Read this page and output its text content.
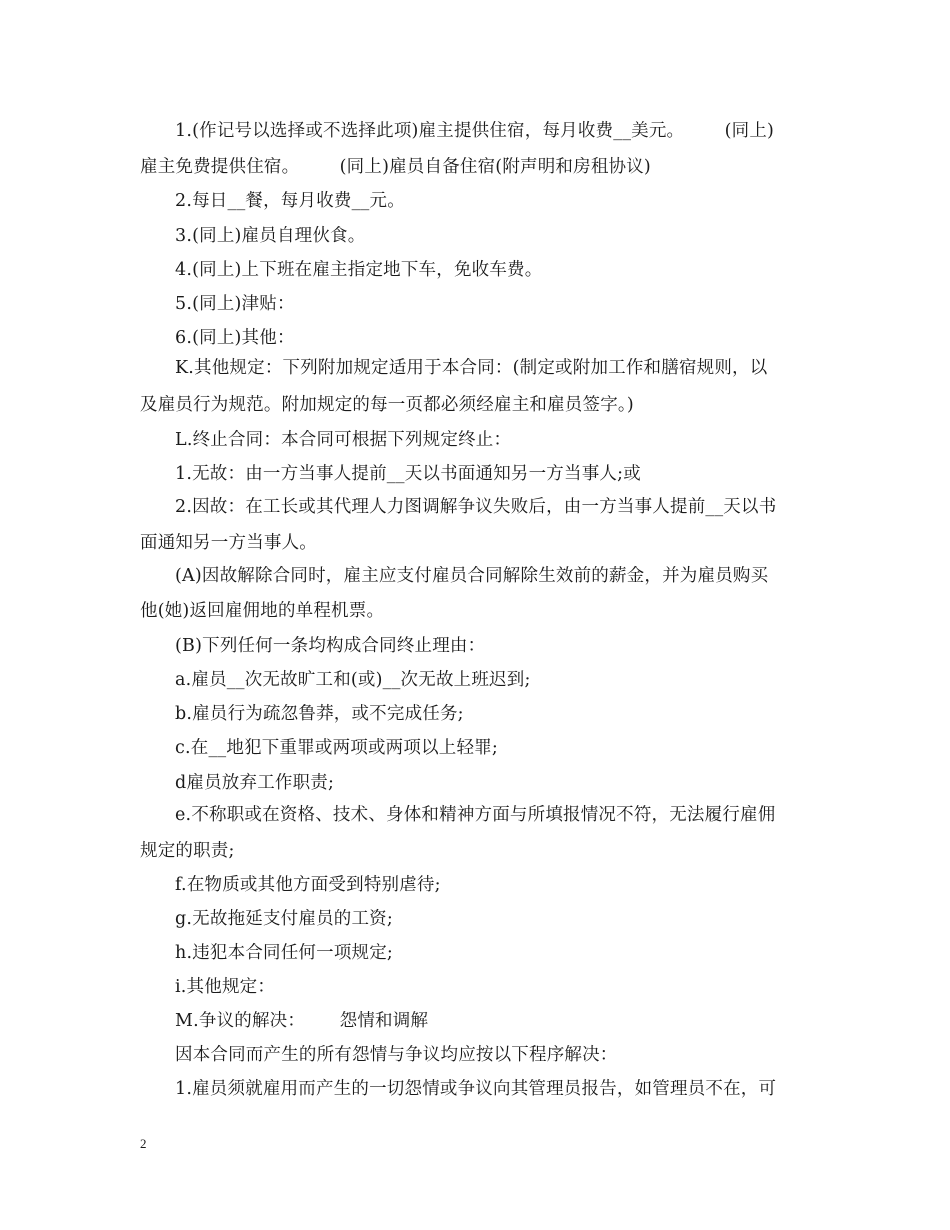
1.(作记号以选择或不选择此项)雇主提供住宿，每月收费__美元。       (同上)
雇主免费提供住宿。       (同上)雇员自备住宿(附声明和房租协议)
2.每日__餐，每月收费__元。
3.(同上)雇员自理伙食。
4.(同上)上下班在雇主指定地下车，免收车费。
5.(同上)津贴：
6.(同上)其他：
K.其他规定：下列附加规定适用于本合同：(制定或附加工作和膳宿规则，以
及雇员行为规范。附加规定的每一页都必须经雇主和雇员签字。)
L.终止合同：本合同可根据下列规定终止：
1.无故：由一方当事人提前__天以书面通知另一方当事人;或
2.因故：在工长或其代理人力图调解争议失败后，由一方当事人提前__天以书
面通知另一方当事人。
(A)因故解除合同时，雇主应支付雇员合同解除生效前的薪金，并为雇员购买
他(她)返回雇佣地的单程机票。
(B)下列任何一条均构成合同终止理由：
a.雇员__次无故旷工和(或)__次无故上班迟到;
b.雇员行为疏忽鲁莽，或不完成任务;
c.在__地犯下重罪或两项或两项以上轻罪;
d雇员放弃工作职责;
e.不称职或在资格、技术、身体和精神方面与所填报情况不符，无法履行雇佣
规定的职责;
f.在物质或其他方面受到特别虐待;
g.无故拖延支付雇员的工资;
h.违犯本合同任何一项规定;
i.其他规定：
M.争议的解决：      怨情和调解
因本合同而产生的所有怨情与争议均应按以下程序解决：
1.雇员须就雇用而产生的一切怨情或争议向其管理员报告，如管理员不在，可
2
